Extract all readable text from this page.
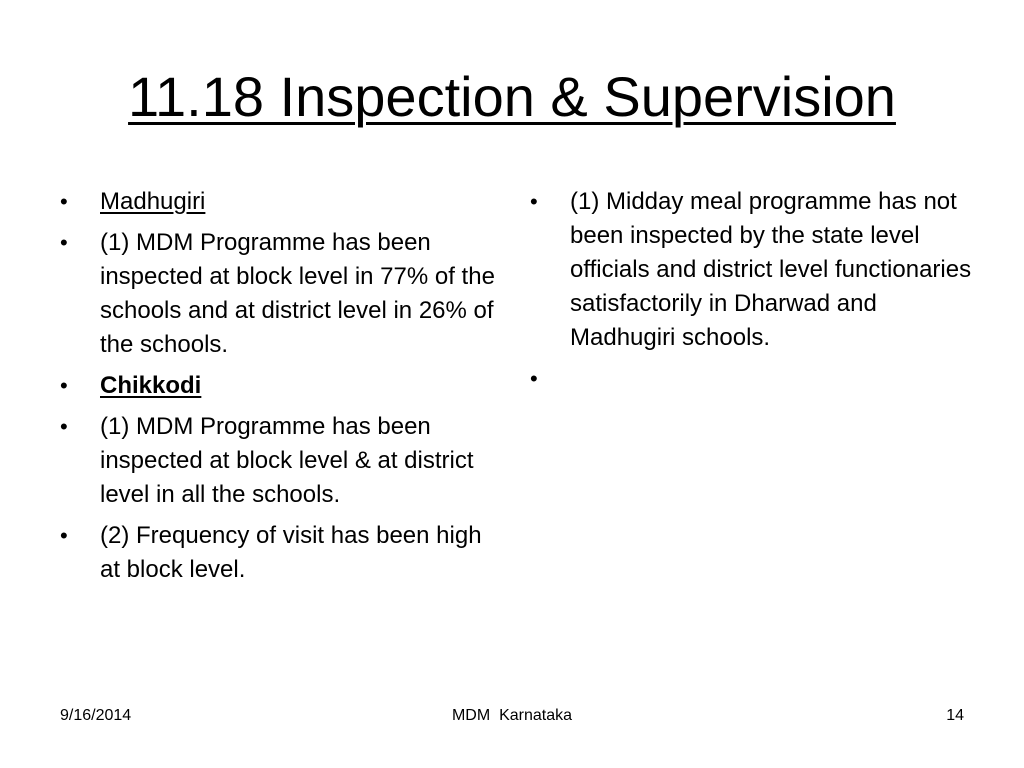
11.18 Inspection & Supervision
•	Madhugiri
•	(1) MDM Programme has been inspected at block level in 77% of the schools and at district level in 26% of the schools.
•	Chikkodi
•	(1) MDM Programme has been inspected at block level & at district level in all the schools.
•	(2) Frequency of visit has been high at block level.
•	(1) Midday meal programme has not been inspected by the state level officials and district level functionaries satisfactorily in Dharwad and Madhugiri schools.
•
9/16/2014	MDM  Karnataka	14
